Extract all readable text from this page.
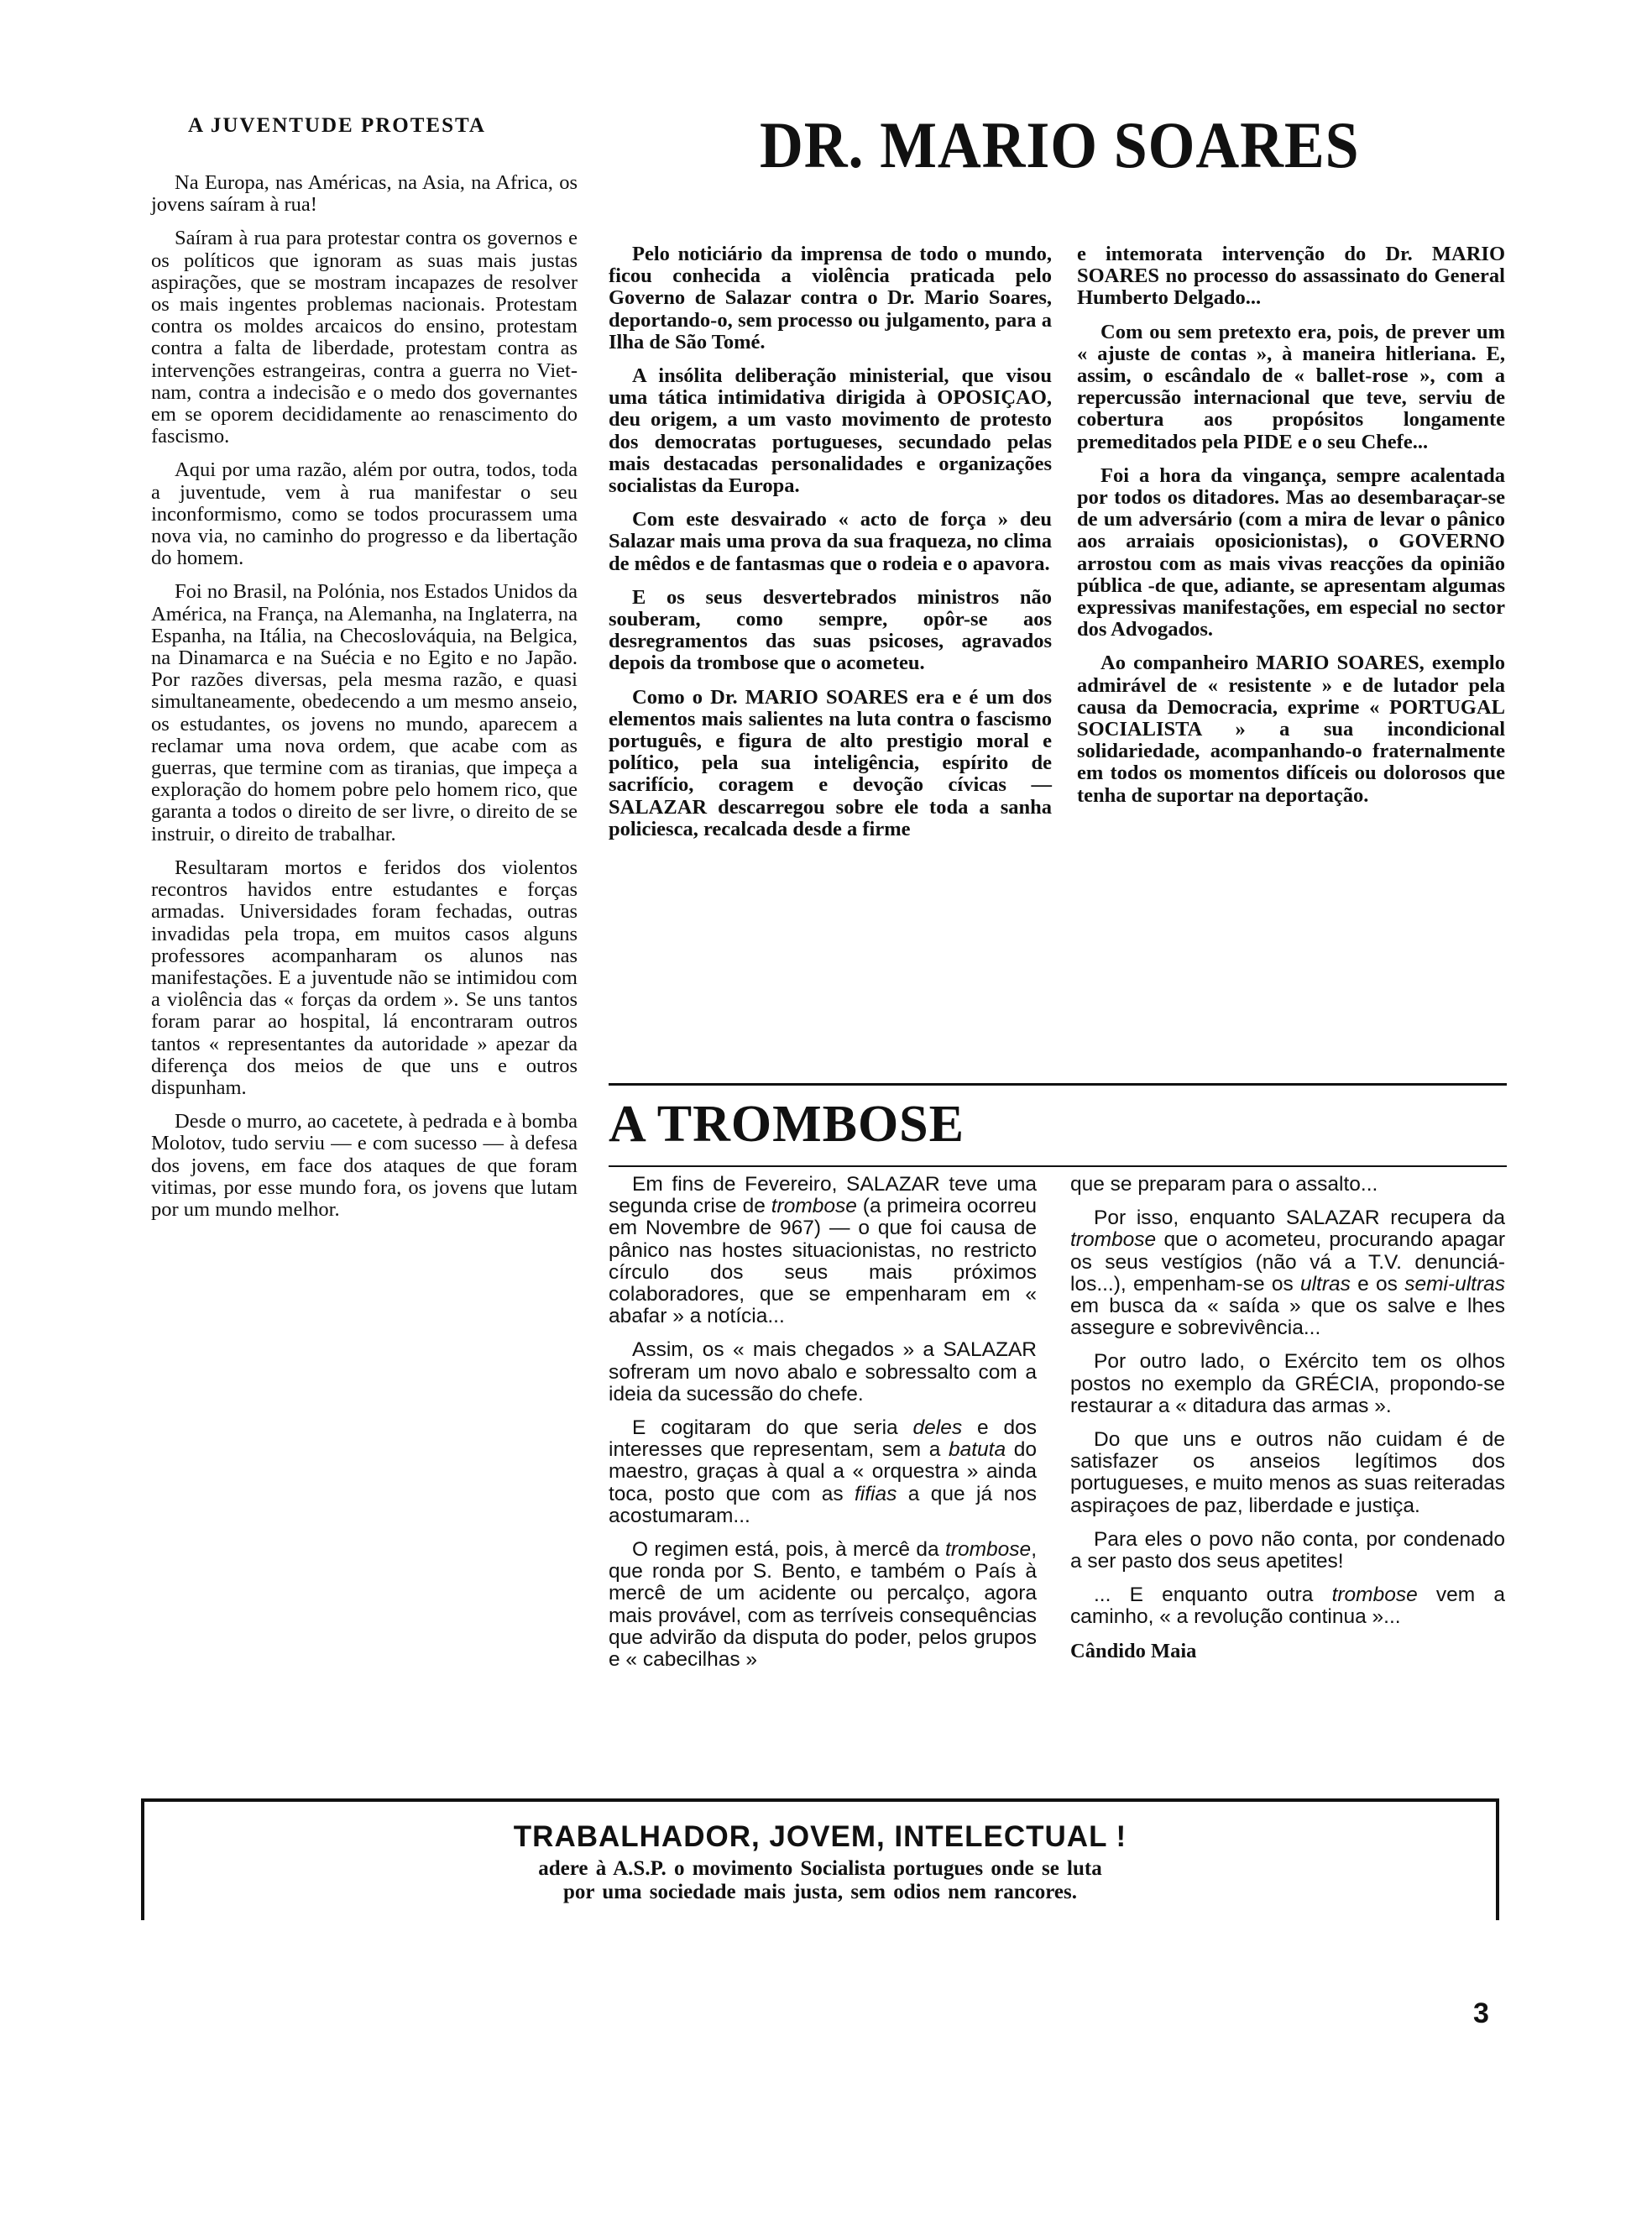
A JUVENTUDE PROTESTA

Na Europa, nas Américas, na Asia, na Africa, os jovens saíram à rua!

Saíram à rua para protestar contra os governos e os políticos que ignoram as suas mais justas aspirações, que se mostram incapazes de resolver os mais ingentes problemas nacionais. Protestam contra os moldes arcaicos do ensino, protestam contra a falta de liberdade, protestam contra as intervenções estrangeiras, contra a guerra no Viet-nam, contra a indecisão e o medo dos governantes em se oporem decididamente ao renascimento do fascismo.

Aqui por uma razão, além por outra, todos, toda a juventude, vem à rua manifestar o seu inconformismo, como se todos procurassem uma nova via, no caminho do progresso e da libertação do homem.

Foi no Brasil, na Polónia, nos Estados Unidos da América, na França, na Alemanha, na Inglaterra, na Espanha, na Itália, na Checoslováquia, na Belgica, na Dinamarca e na Suécia e no Egito e no Japão. Por razões diversas, pela mesma razão, e quasi simultaneamente, obedecendo a um mesmo anseio, os estudantes, os jovens no mundo, aparecem a reclamar uma nova ordem, que acabe com as guerras, que termine com as tiranias, que impeça a exploração do homem pobre pelo homem rico, que garanta a todos o direito de ser livre, o direito de se instruir, o direito de trabalhar.

Resultaram mortos e feridos dos violentos recontros havidos entre estudantes e forças armadas. Universidades foram fechadas, outras invadidas pela tropa, em muitos casos alguns professores acompanharam os alunos nas manifestações. E a juventude não se intimidou com a violência das « forças da ordem ». Se uns tantos foram parar ao hospital, lá encontraram outros tantos « representantes da autoridade » apezar da diferença dos meios de que uns e outros dispunham.

Desde o murro, ao cacetete, à pedrada e à bomba Molotov, tudo serviu — e com sucesso — à defesa dos jovens, em face dos ataques de que foram vitimas, por esse mundo fora, os jovens que lutam por um mundo melhor.

DR. MARIO SOARES

Pelo noticiário da imprensa de todo o mundo, ficou conhecida a violência praticada pelo Governo de Salazar contra o Dr. Mario Soares, deportando-o, sem processo ou julgamento, para a Ilha de São Tomé.

A insólita deliberação ministerial, que visou uma tática intimidativa dirigida à OPOSIÇAO, deu origem, a um vasto movimento de protesto dos democratas portugueses, secundado pelas mais destacadas personalidades e organizações socialistas da Europa.

Com este desvairado « acto de força » deu Salazar mais uma prova da sua fraqueza, no clima de mêdos e de fantasmas que o rodeia e o apavora.

E os seus desvertebrados ministros não souberam, como sempre, opôr-se aos desregramentos das suas psicoses, agravados depois da trombose que o acometeu.

Como o Dr. MARIO SOARES era e é um dos elementos mais salientes na luta contra o fascismo português, e figura de alto prestigio moral e político, pela sua inteligência, espírito de sacrifício, coragem e devoção cívicas — SALAZAR descarregou sobre ele toda a sanha policiesca, recalcada desde a firme

e intemorata intervenção do Dr. MARIO SOARES no processo do assassinato do General Humberto Delgado...

Com ou sem pretexto era, pois, de prever um « ajuste de contas », à maneira hitleriana. E, assim, o escândalo de « ballet-rose », com a repercussão internacional que teve, serviu de cobertura aos propósitos longamente premeditados pela PIDE e o seu Chefe...

Foi a hora da vingança, sempre acalentada por todos os ditadores. Mas ao desembaraçar-se de um adversário (com a mira de levar o pânico aos arraiais oposicionistas), o GOVERNO arrostou com as mais vivas reacções da opinião pública -de que, adiante, se apresentam algumas expressivas manifestações, em especial no sector dos Advogados.

Ao companheiro MARIO SOARES, exemplo admirável de « resistente » e de lutador pela causa da Democracia, exprime « PORTUGAL SOCIALISTA » a sua incondicional solidariedade, acompanhando-o fraternalmente em todos os momentos difíceis ou dolorosos que tenha de suportar na deportação.

A TROMBOSE

Em fins de Fevereiro, SALAZAR teve uma segunda crise de trombose (a primeira ocorreu em Novembre de 967) — o que foi causa de pânico nas hostes situacionistas, no restricto círculo dos seus mais próximos colaboradores, que se empenharam em « abafar » a notícia...

Assim, os « mais chegados » a SALAZAR sofreram um novo abalo e sobressalto com a ideia da sucessão do chefe.

E cogitaram do que seria deles e dos interesses que representam, sem a batuta do maestro, graças à qual a « orquestra » ainda toca, posto que com as fifias a que já nos acostumaram...

O regimen está, pois, à mercê da trombose, que ronda por S. Bento, e também o País à mercê de um acidente ou percalço, agora mais provável, com as terríveis consequências que advirão da disputa do poder, pelos grupos e « cabecilhas »

que se preparam para o assalto...

Por isso, enquanto SALAZAR recupera da trombose que o acometeu, procurando apagar os seus vestígios (não vá a T.V. denunciá-los...), empenham-se os ultras e os semi-ultras em busca da « saída » que os salve e lhes assegure e sobrevivência...

Por outro lado, o Exército tem os olhos postos no exemplo da GRÉCIA, propondo-se restaurar a « ditadura das armas ».

Do que uns e outros não cuidam é de satisfazer os anseios legítimos dos portugueses, e muito menos as suas reiteradas aspiraçoes de paz, liberdade e justiça.

Para eles o povo não conta, por condenado a ser pasto dos seus apetites!

... E enquanto outra trombose vem a caminho, « a revolução continua »...

Cândido Maia

TRABALHADOR, JOVEM, INTELECTUAL !
adere à A.S.P. o movimento Socialista portugues onde se luta
por uma sociedade mais justa, sem odios nem rancores.
3
